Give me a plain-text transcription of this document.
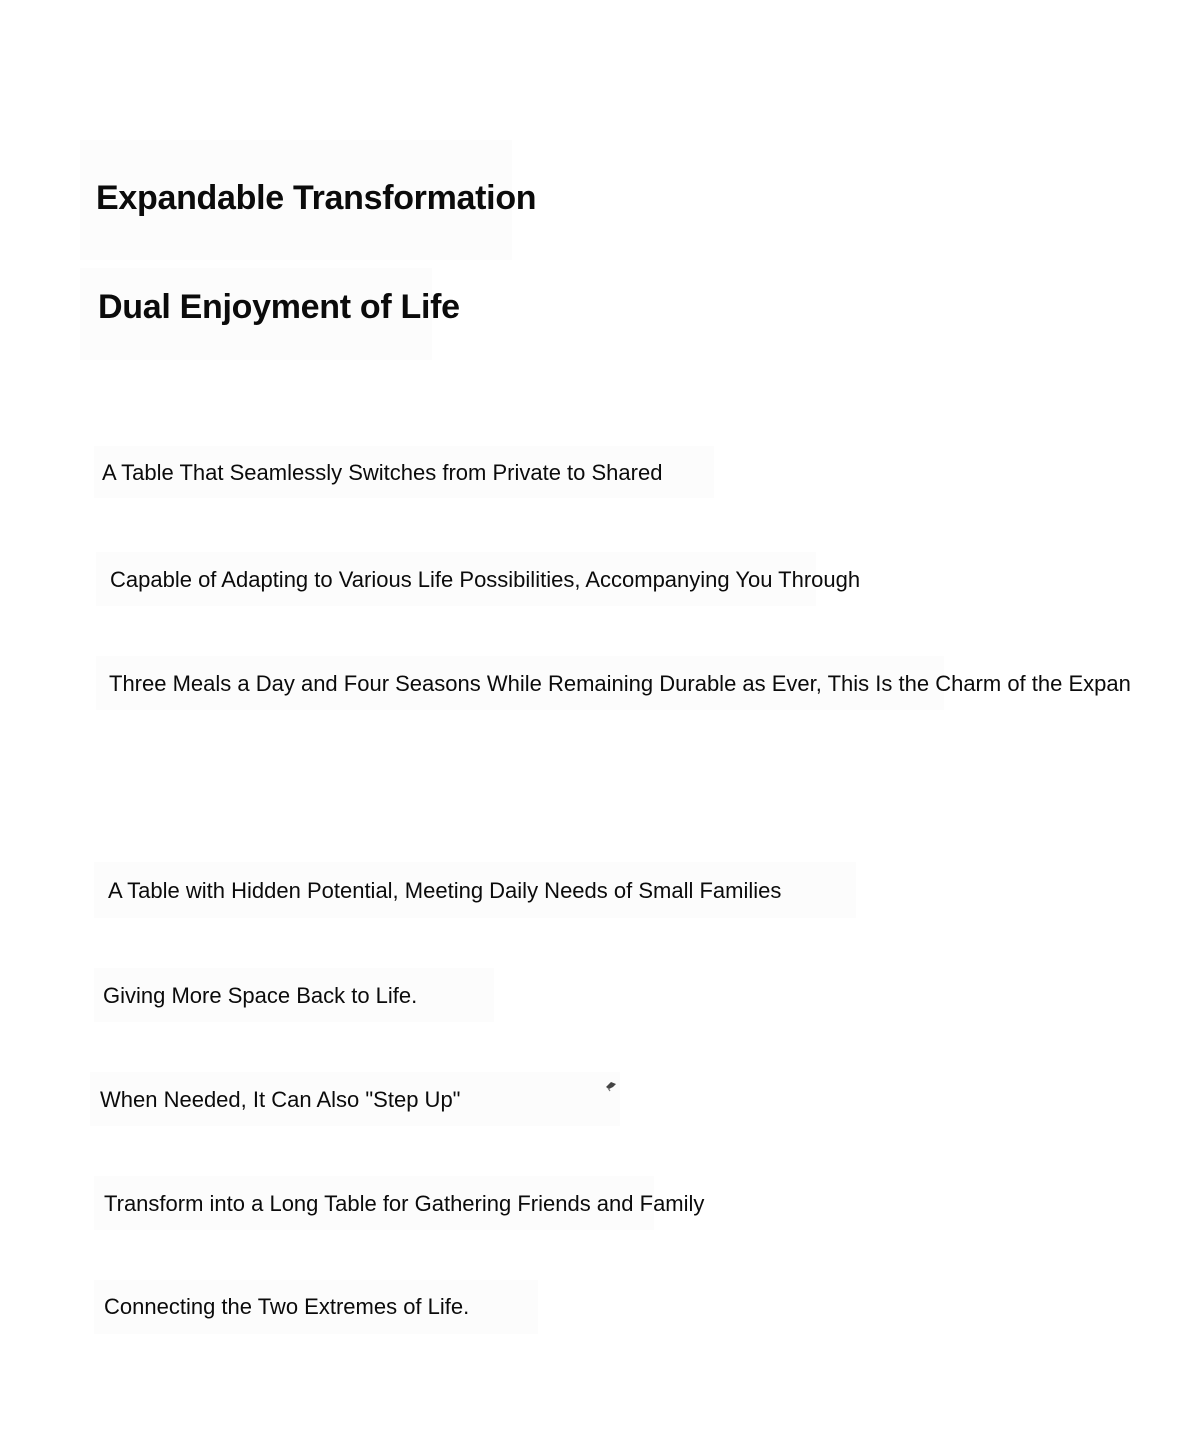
Expandable Transformation
Dual Enjoyment of Life
A Table That Seamlessly Switches from Private to Shared
Capable of Adapting to Various Life Possibilities, Accompanying You Through
Three Meals a Day and Four Seasons While Remaining Durable as Ever, This Is the Charm of the Expan
A Table with Hidden Potential, Meeting Daily Needs of Small Families
Giving More Space Back to Life.
When Needed, It Can Also "Step Up"
Transform into a Long Table for Gathering Friends and Family
Connecting the Two Extremes of Life.
